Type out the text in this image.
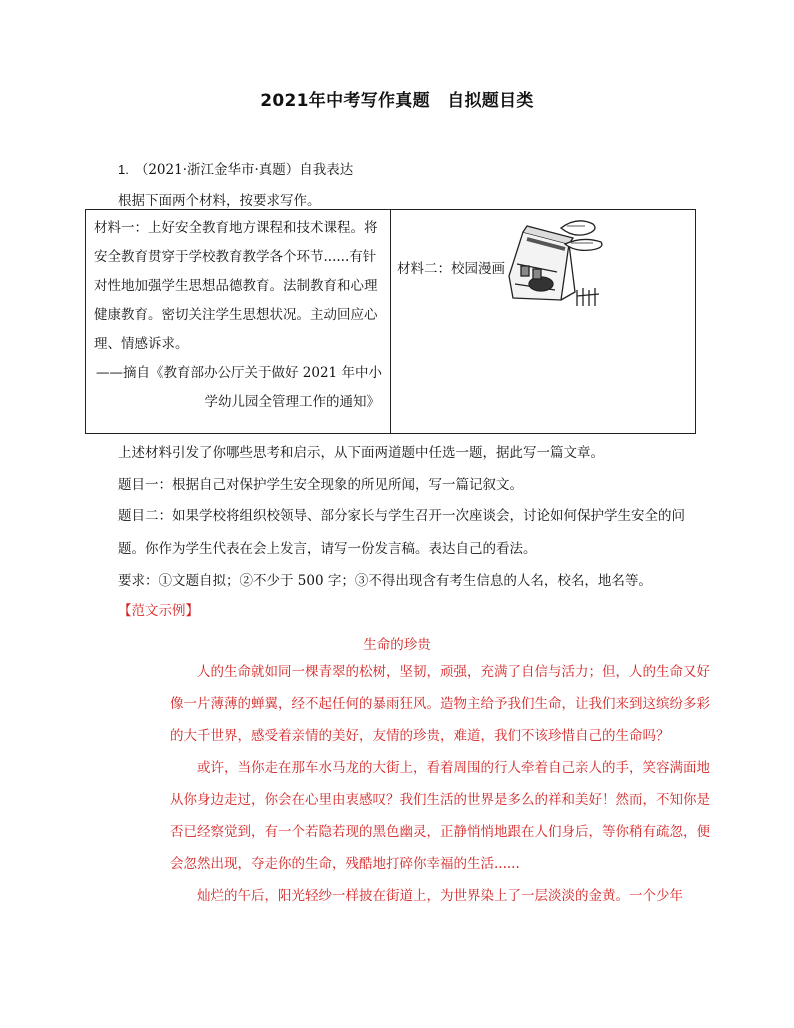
2021年中考写作真题　自拟题目类
1. （2021·浙江金华市·真题）自我表达
根据下面两个材料，按要求写作。
材料一：上好安全教育地方课程和技术课程。将安全教育贯穿于学校教育教学各个环节......有针对性地加强学生思想品德教育。法制教育和心理健康教育。密切关注学生思想状况。主动回应心理、情感诉求。
——摘自《教育部办公厅关于做好 2021 年中小
学幼儿园全管理工作的通知》

材料二：校园漫画
上述材料引发了你哪些思考和启示，从下面两道题中任选一题，据此写一篇文章。
题目一：根据自己对保护学生安全现象的所见所闻，写一篇记叙文。
题目二：如果学校将组织校领导、部分家长与学生召开一次座谈会，讨论如何保护学生安全的问
题。你作为学生代表在会上发言，请写一份发言稿。表达自己的看法。
要求：①文题自拟；②不少于 500 字；③不得出现含有考生信息的人名，校名，地名等。
【范文示例】
生命的珍贵

人的生命就如同一棵青翠的松树，坚韧，顽强，充满了自信与活力；但，人的生命又好像一片薄薄的蝉翼，经不起任何的暴雨狂风。造物主给予我们生命，让我们来到这缤纷多彩的大千世界，感受着亲情的美好，友情的珍贵，难道，我们不该珍惜自己的生命吗？

或许，当你走在那车水马龙的大街上，看着周围的行人牵着自己亲人的手，笑容满面地从你身边走过，你会在心里由衷感叹？我们生活的世界是多么的祥和美好！然而，不知你是否已经察觉到，有一个若隐若现的黑色幽灵，正静悄悄地跟在人们身后，等你稍有疏忽，便会忽然出现，夺走你的生命，残酷地打碎你幸福的生活......

灿烂的午后，阳光轻纱一样披在街道上，为世界染上了一层淡淡的金黄。一个少年
